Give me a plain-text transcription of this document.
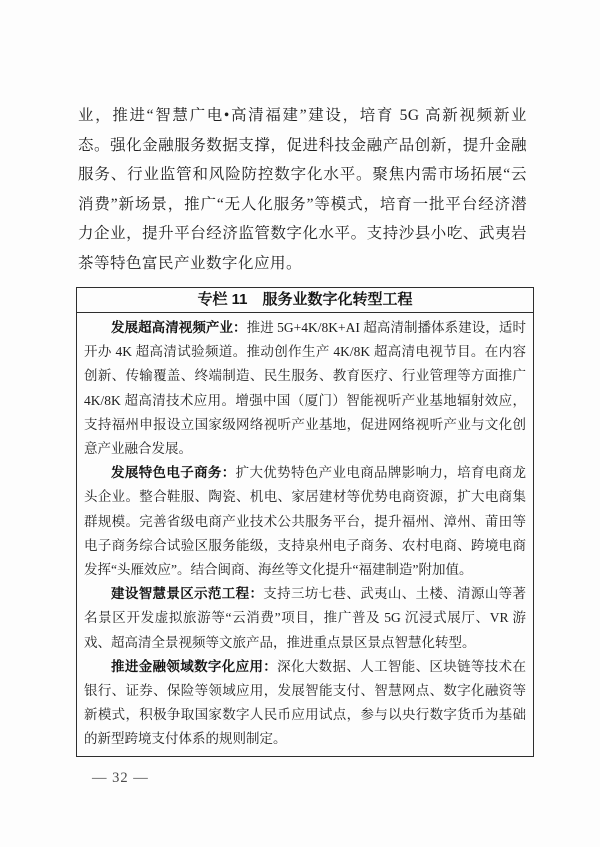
业，推进“智慧广电•高清福建”建设，培育 5G 高新视频新业态。强化金融服务数据支撑，促进科技金融产品创新，提升金融服务、行业监管和风险防控数字化水平。聚焦内需市场拓展“云消费”新场景，推广“无人化服务”等模式，培育一批平台经济潜力企业，提升平台经济监管数字化水平。支持沙县小吃、武夷岩茶等特色富民产业数字化应用。
专栏 11　服务业数字化转型工程

发展超高清视频产业：推进 5G+4K/8K+AI 超高清制播体系建设，适时开办 4K 超高清试验频道。推动创作生产 4K/8K 超高清电视节目。在内容创新、传输覆盖、终端制造、民生服务、教育医疗、行业管理等方面推广 4K/8K 超高清技术应用。增强中国（厦门）智能视听产业基地辐射效应，支持福州申报设立国家级网络视听产业基地，促进网络视听产业与文化创意产业融合发展。

发展特色电子商务：扩大优势特色产业电商品牌影响力，培育电商龙头企业。整合鞋服、陶瓷、机电、家居建材等优势电商资源，扩大电商集群规模。完善省级电商产业技术公共服务平台，提升福州、漳州、莆田等电子商务综合试验区服务能级，支持泉州电子商务、农村电商、跨境电商发挥“头雁效应”。结合闽商、海丝等文化提升“福建制造”附加值。

建设智慧景区示范工程：支持三坊七巷、武夷山、土楼、清源山等著名景区开发虚拟旅游等“云消费”项目，推广普及 5G 沉浸式展厅、VR 游戏、超高清全景视频等文旅产品，推进重点景区景点智慧化转型。

推进金融领域数字化应用：深化大数据、人工智能、区块链等技术在银行、证券、保险等领域应用，发展智能支付、智慧网点、数字化融资等新模式，积极争取国家数字人民币应用试点，参与以央行数字货币为基础的新型跨境支付体系的规则制定。

— 32 —
